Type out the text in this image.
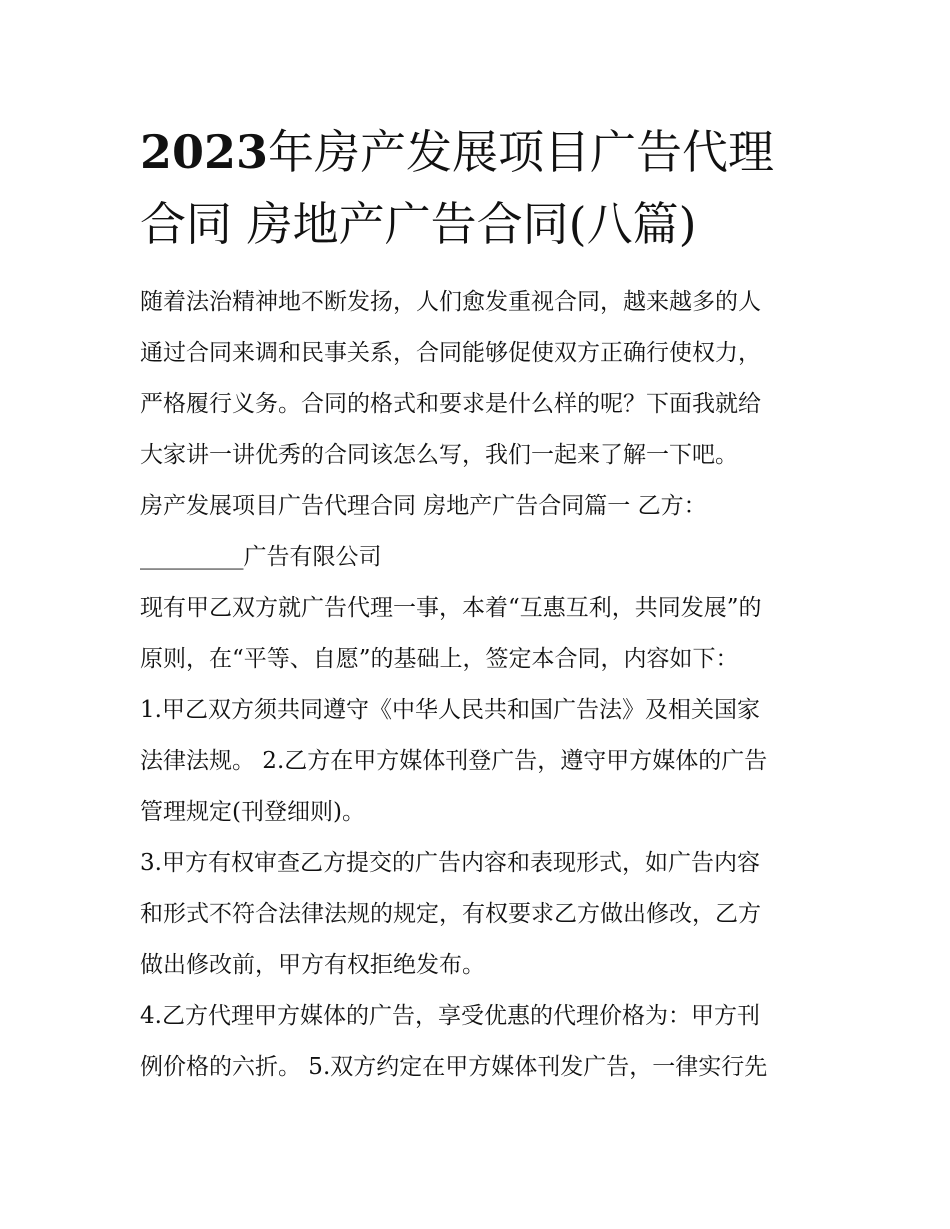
2023年房产发展项目广告代理
合同 房地产广告合同(八篇)
随着法治精神地不断发扬，人们愈发重视合同，越来越多的人
通过合同来调和民事关系，合同能够促使双方正确行使权力，
严格履行义务。合同的格式和要求是什么样的呢？下面我就给
大家讲一讲优秀的合同该怎么写，我们一起来了解一下吧。
房产发展项目广告代理合同 房地产广告合同篇一 乙方：
_________广告有限公司
现有甲乙双方就广告代理一事，本着“互惠互利，共同发展”的
原则，在“平等、自愿”的基础上，签定本合同，内容如下：
1.甲乙双方须共同遵守《中华人民共和国广告法》及相关国家
法律法规。 2.乙方在甲方媒体刊登广告，遵守甲方媒体的广告
管理规定(刊登细则)。
3.甲方有权审查乙方提交的广告内容和表现形式，如广告内容
和形式不符合法律法规的规定，有权要求乙方做出修改，乙方
做出修改前，甲方有权拒绝发布。
4.乙方代理甲方媒体的广告，享受优惠的代理价格为：甲方刊
例价格的六折。 5.双方约定在甲方媒体刊发广告，一律实行先
